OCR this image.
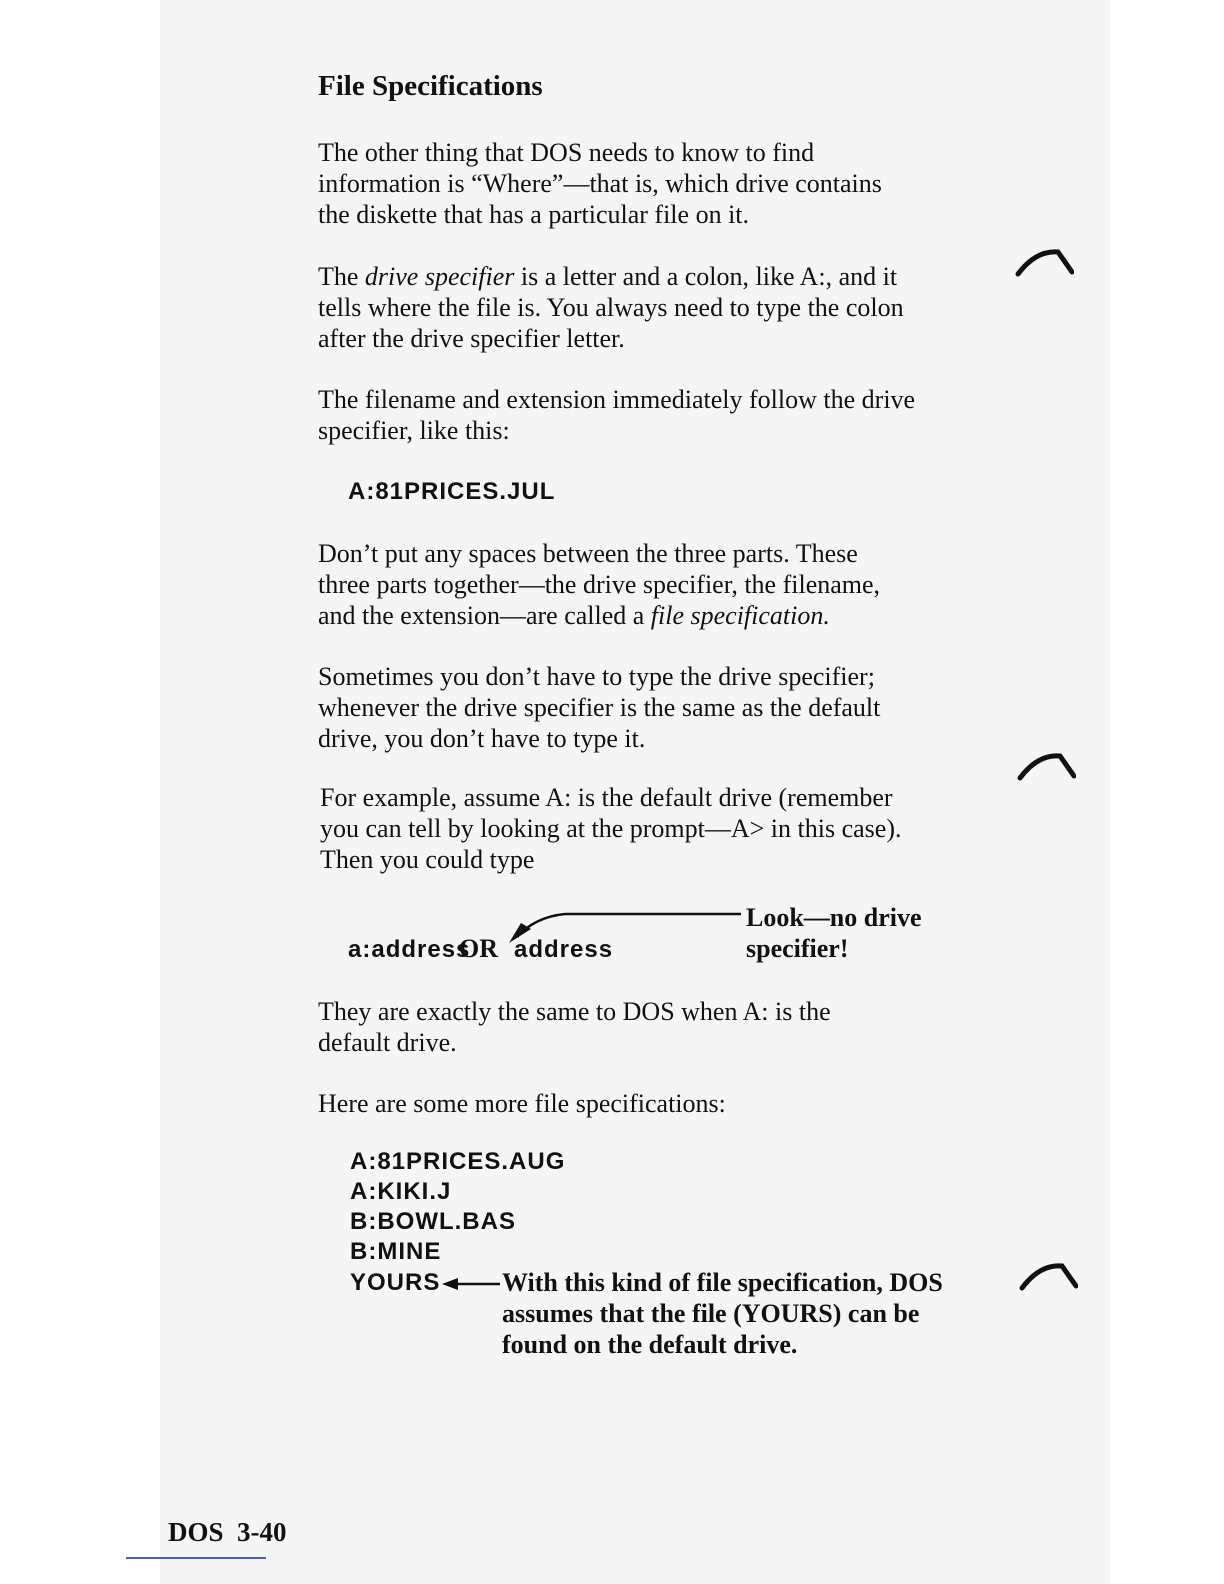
File Specifications

The other thing that DOS needs to know to find
information is “Where”—that is, which drive contains
the diskette that has a particular file on it.

The drive specifier is a letter and a colon, like A:, and it
tells where the file is. You always need to type the colon
after the drive specifier letter.

The filename and extension immediately follow the drive
specifier, like this:

A:81PRICES.JUL

Don’t put any spaces between the three parts. These
three parts together—the drive specifier, the filename,
and the extension—are called a file specification.

Sometimes you don’t have to type the drive specifier;
whenever the drive specifier is the same as the default
drive, you don’t have to type it.

For example, assume A: is the default drive (remember
you can tell by looking at the prompt—A> in this case).
Then you could type

a:address

OR address

Look—no drive
specifier!

They are exactly the same to DOS when A: is the
default drive.

Here are some more file specifications:

A:81PRICES.AUG
A:KIKI.J
B:BOWL.BAS
B:MINE

YOURS With this kind of file specification, DOS
assumes that the file (YOURS) can be
found on the default drive.

DOS  3-40
